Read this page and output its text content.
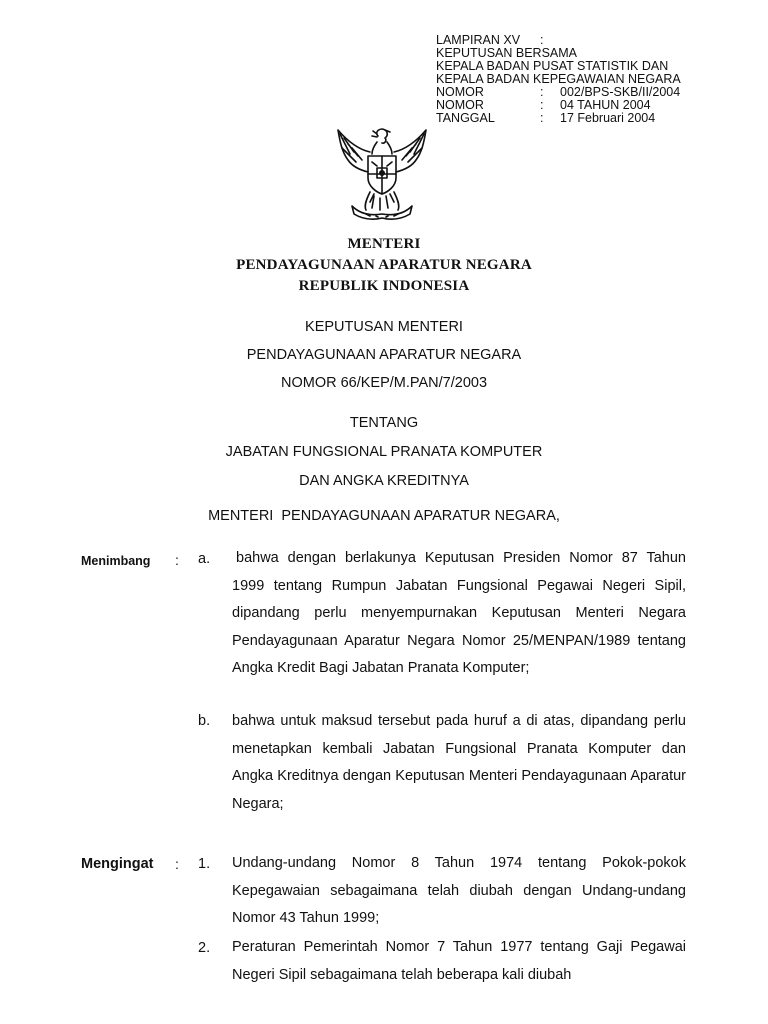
LAMPIRAN XV	:
KEPUTUSAN BERSAMA
KEPALA BADAN PUSAT STATISTIK DAN
KEPALA BADAN KEPEGAWAIAN NEGARA
NOMOR	:	002/BPS-SKB/II/2004
NOMOR	:	04 TAHUN 2004
TANGGAL	:	17 Februari 2004
MENTERI
PENDAYAGUNAAN APARATUR NEGARA
REPUBLIK INDONESIA
KEPUTUSAN MENTERI
PENDAYAGUNAAN APARATUR NEGARA
NOMOR 66/KEP/M.PAN/7/2003
TENTANG
JABATAN FUNGSIONAL PRANATA KOMPUTER
DAN ANGKA KREDITNYA
MENTERI  PENDAYAGUNAAN APARATUR NEGARA,
Menimbang : a. bahwa dengan berlakunya Keputusan Presiden Nomor 87 Tahun 1999 tentang Rumpun Jabatan Fungsional Pegawai Negeri Sipil, dipandang perlu menyempurnakan Keputusan Menteri Negara Pendayagunaan Aparatur Negara Nomor 25/MENPAN/1989 tentang Angka Kredit Bagi Jabatan Pranata Komputer;
b. bahwa untuk maksud tersebut pada huruf a di atas, dipandang perlu menetapkan kembali Jabatan Fungsional Pranata Komputer dan Angka Kreditnya dengan Keputusan Menteri Pendayagunaan Aparatur Negara;
Mengingat : 1. Undang-undang Nomor 8 Tahun 1974 tentang Pokok-pokok Kepegawaian sebagaimana telah diubah dengan Undang-undang Nomor 43 Tahun 1999;
2. Peraturan Pemerintah Nomor 7 Tahun 1977 tentang Gaji Pegawai Negeri Sipil sebagaimana telah beberapa kali diubah
